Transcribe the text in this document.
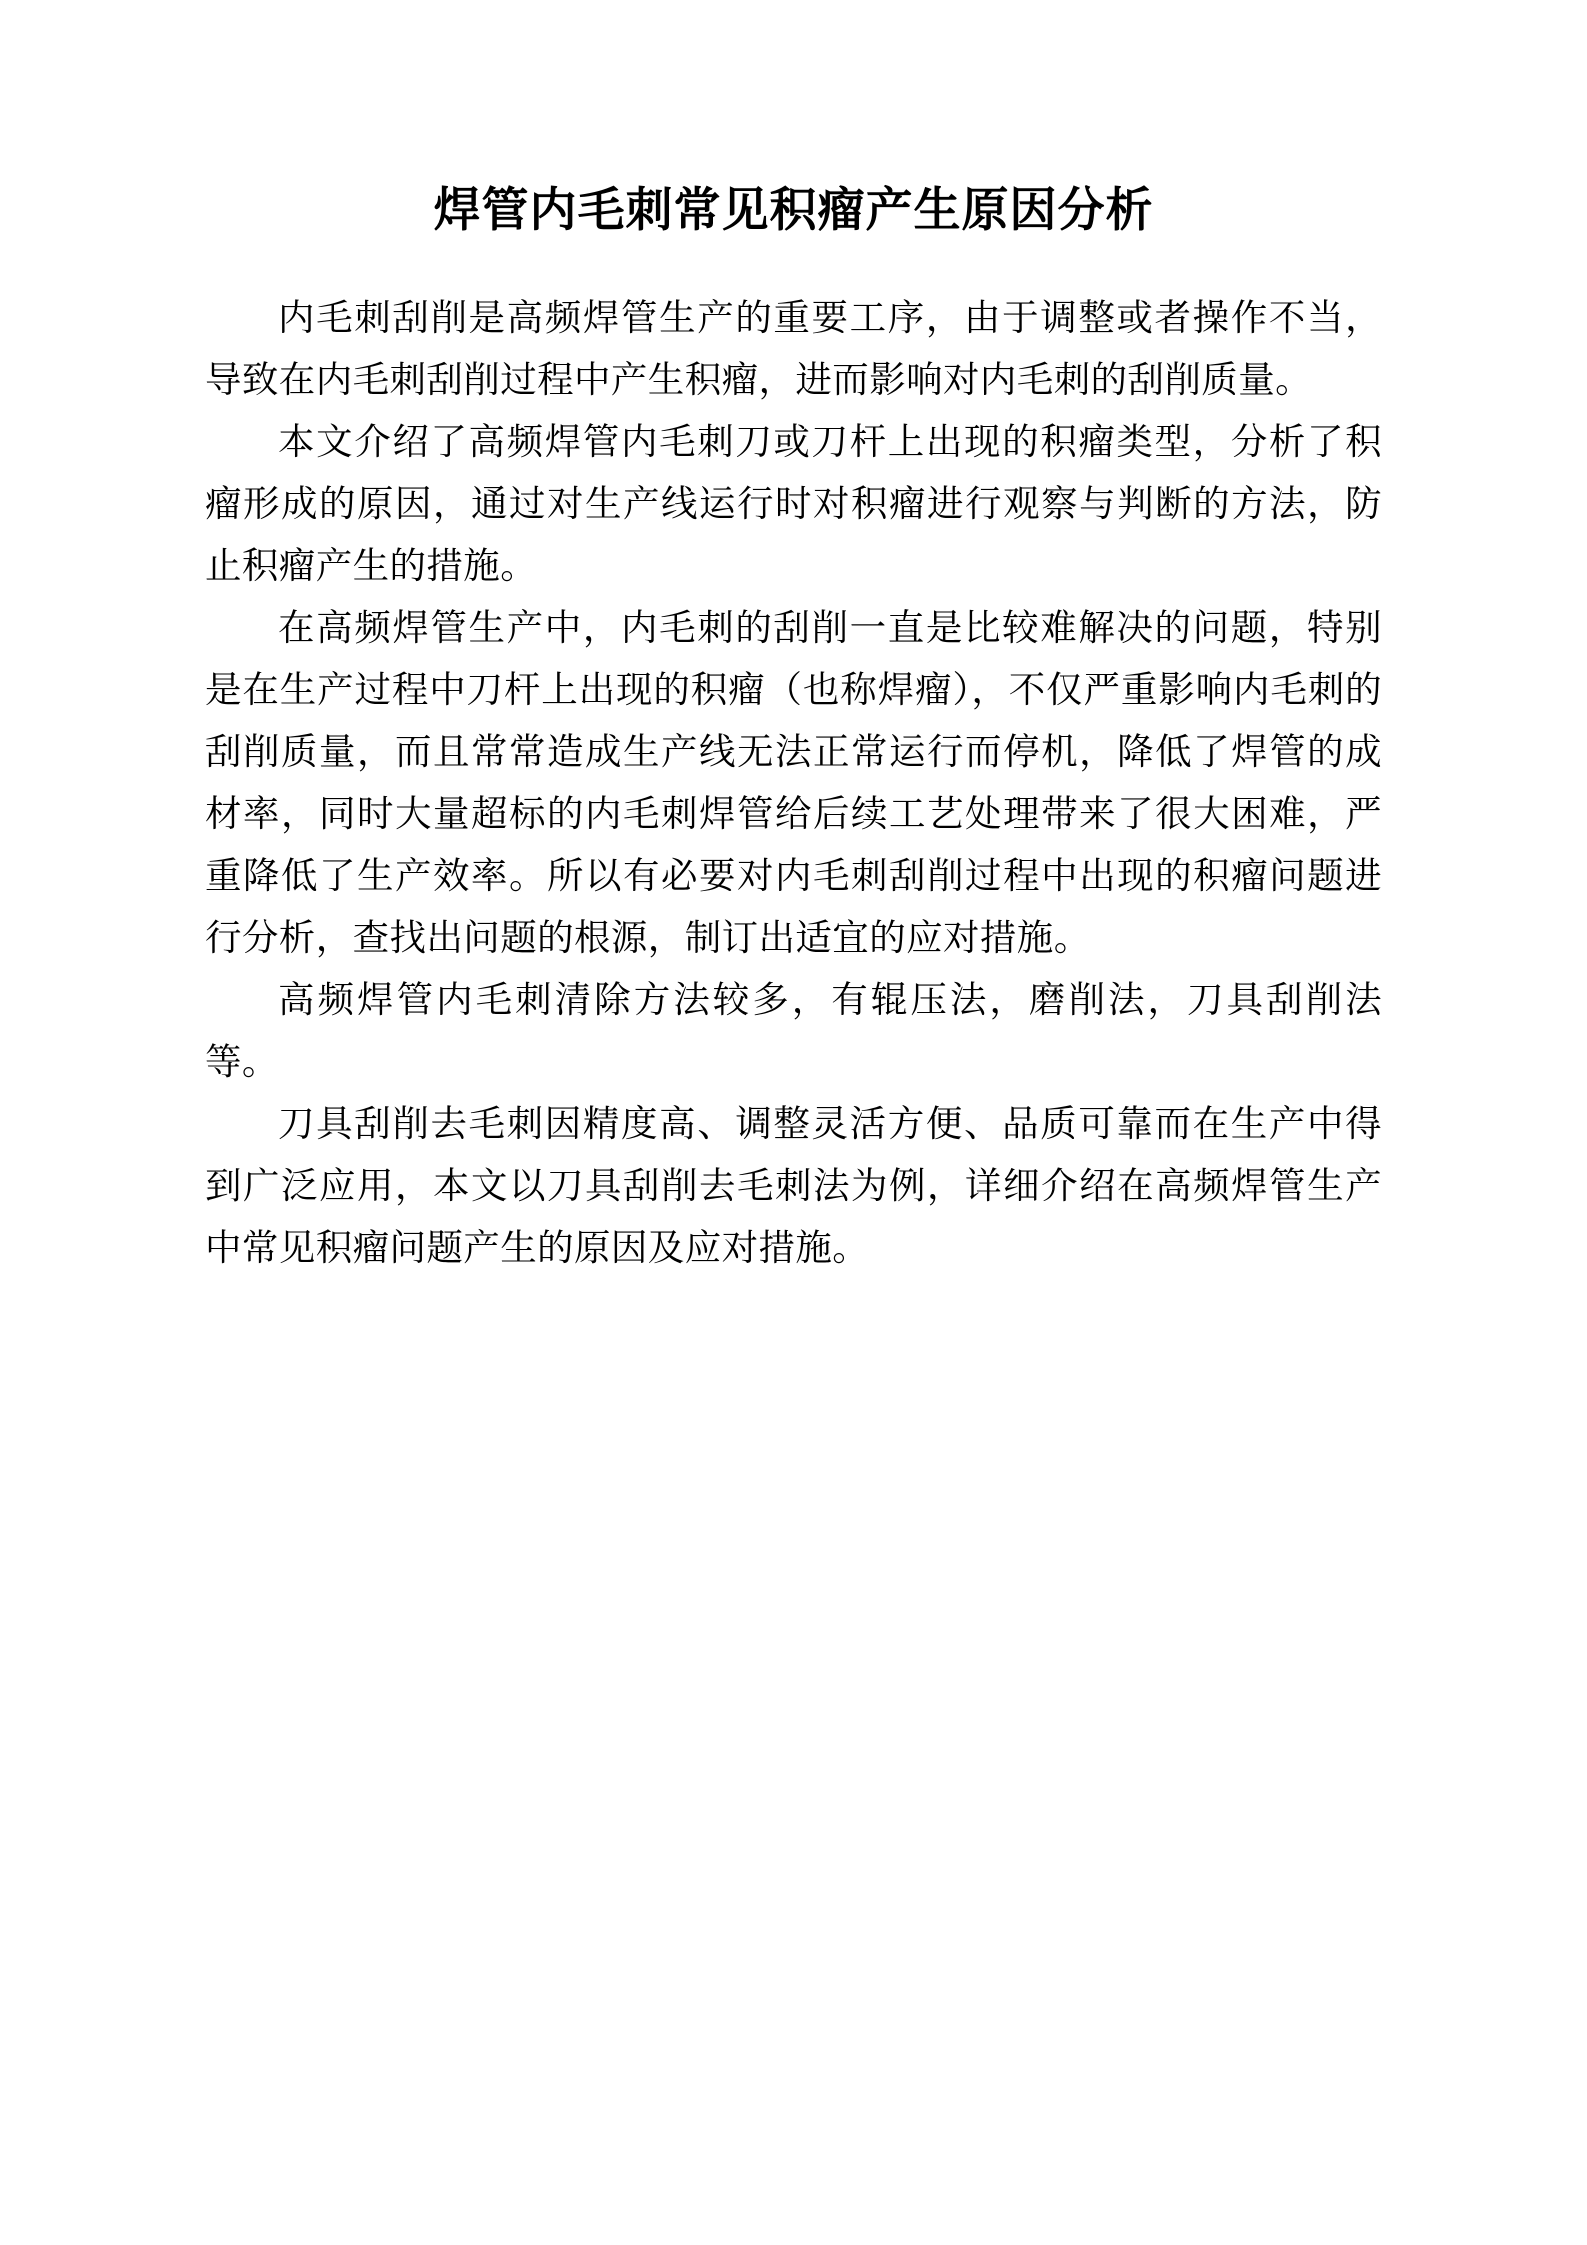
焊管内毛刺常见积瘤产生原因分析

内毛刺刮削是高频焊管生产的重要工序，由于调整或者操作不当，导致在内毛刺刮削过程中产生积瘤，进而影响对内毛刺的刮削质量。

本文介绍了高频焊管内毛刺刀或刀杆上出现的积瘤类型，分析了积瘤形成的原因，通过对生产线运行时对积瘤进行观察与判断的方法，防止积瘤产生的措施。

在高频焊管生产中，内毛刺的刮削一直是比较难解决的问题，特别是在生产过程中刀杆上出现的积瘤（也称焊瘤），不仅严重影响内毛刺的刮削质量，而且常常造成生产线无法正常运行而停机，降低了焊管的成材率，同时大量超标的内毛刺焊管给后续工艺处理带来了很大困难，严重降低了生产效率。所以有必要对内毛刺刮削过程中出现的积瘤问题进行分析，查找出问题的根源，制订出适宜的应对措施。

高频焊管内毛刺清除方法较多，有辊压法，磨削法，刀具刮削法等。

刀具刮削去毛刺因精度高、调整灵活方便、品质可靠而在生产中得到广泛应用，本文以刀具刮削去毛刺法为例，详细介绍在高频焊管生产中常见积瘤问题产生的原因及应对措施。
